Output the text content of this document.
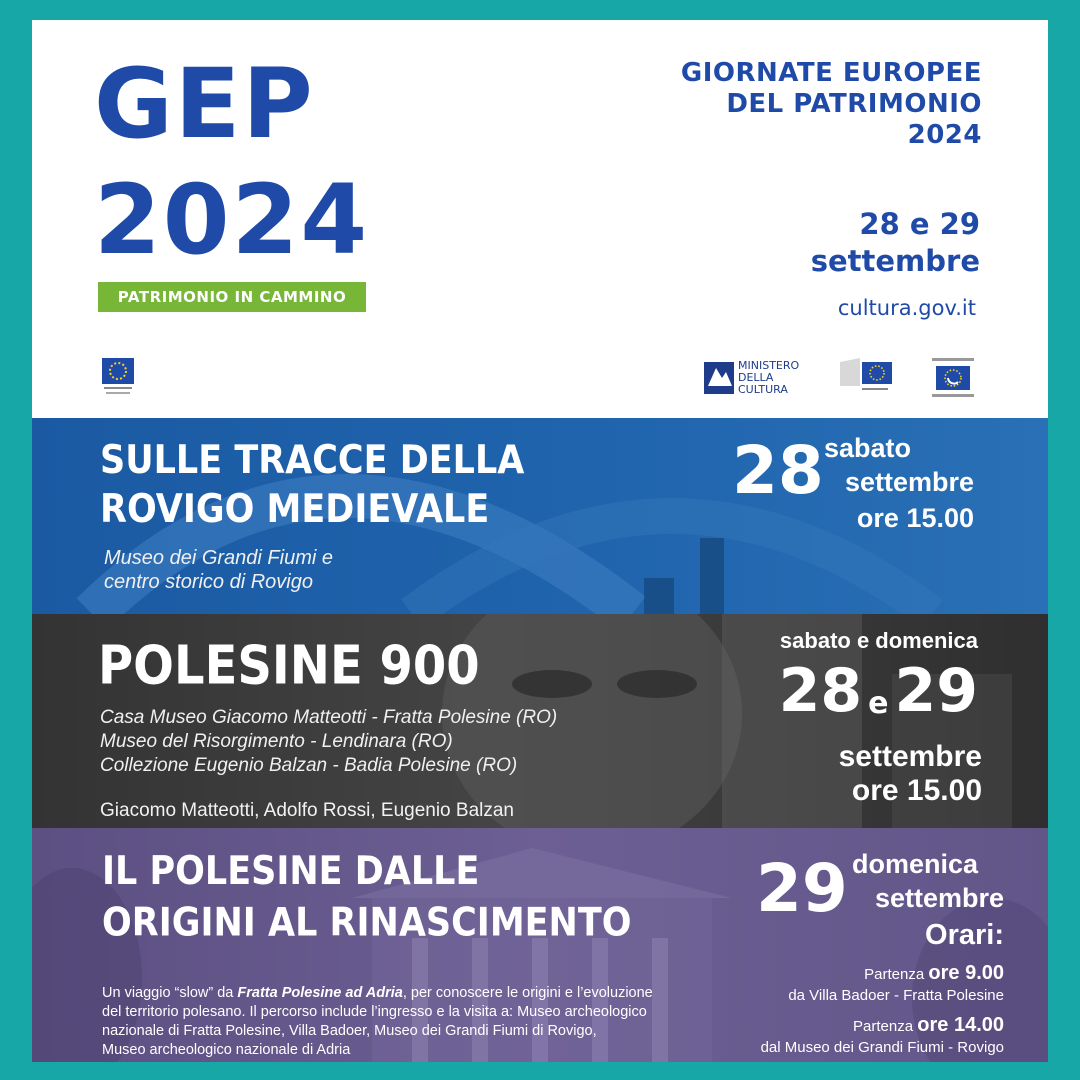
GEP
2024
PATRIMONIO IN CAMMINO
GIORNATE EUROPEE
DEL PATRIMONIO
2024
28 e 29
settembre
cultura.gov.it
MINISTERO
DELLA
CULTURA
SULLE TRACCE DELLA
ROVIGO MEDIEVALE
Museo dei Grandi Fiumi e
centro storico di Rovigo
28 sabato
settembre
ore 15.00
POLESINE 900
Casa Museo Giacomo Matteotti - Fratta Polesine (RO)
Museo del Risorgimento - Lendinara (RO)
Collezione Eugenio Balzan - Badia Polesine (RO)
Giacomo Matteotti, Adolfo Rossi, Eugenio Balzan
sabato e domenica
28 e 29
settembre
ore 15.00
IL POLESINE DALLE
ORIGINI AL RINASCIMENTO
Un viaggio “slow” da Fratta Polesine ad Adria, per conoscere le origini e l’evoluzione
del territorio polesano. Il percorso include l’ingresso e la visita a: Museo archeologico
nazionale di Fratta Polesine, Villa Badoer, Museo dei Grandi Fiumi di Rovigo,
Museo archeologico nazionale di Adria
29 domenica
settembre
Orari:
Partenza ore 9.00
da Villa Badoer - Fratta Polesine
Partenza ore 14.00
dal Museo dei Grandi Fiumi - Rovigo
